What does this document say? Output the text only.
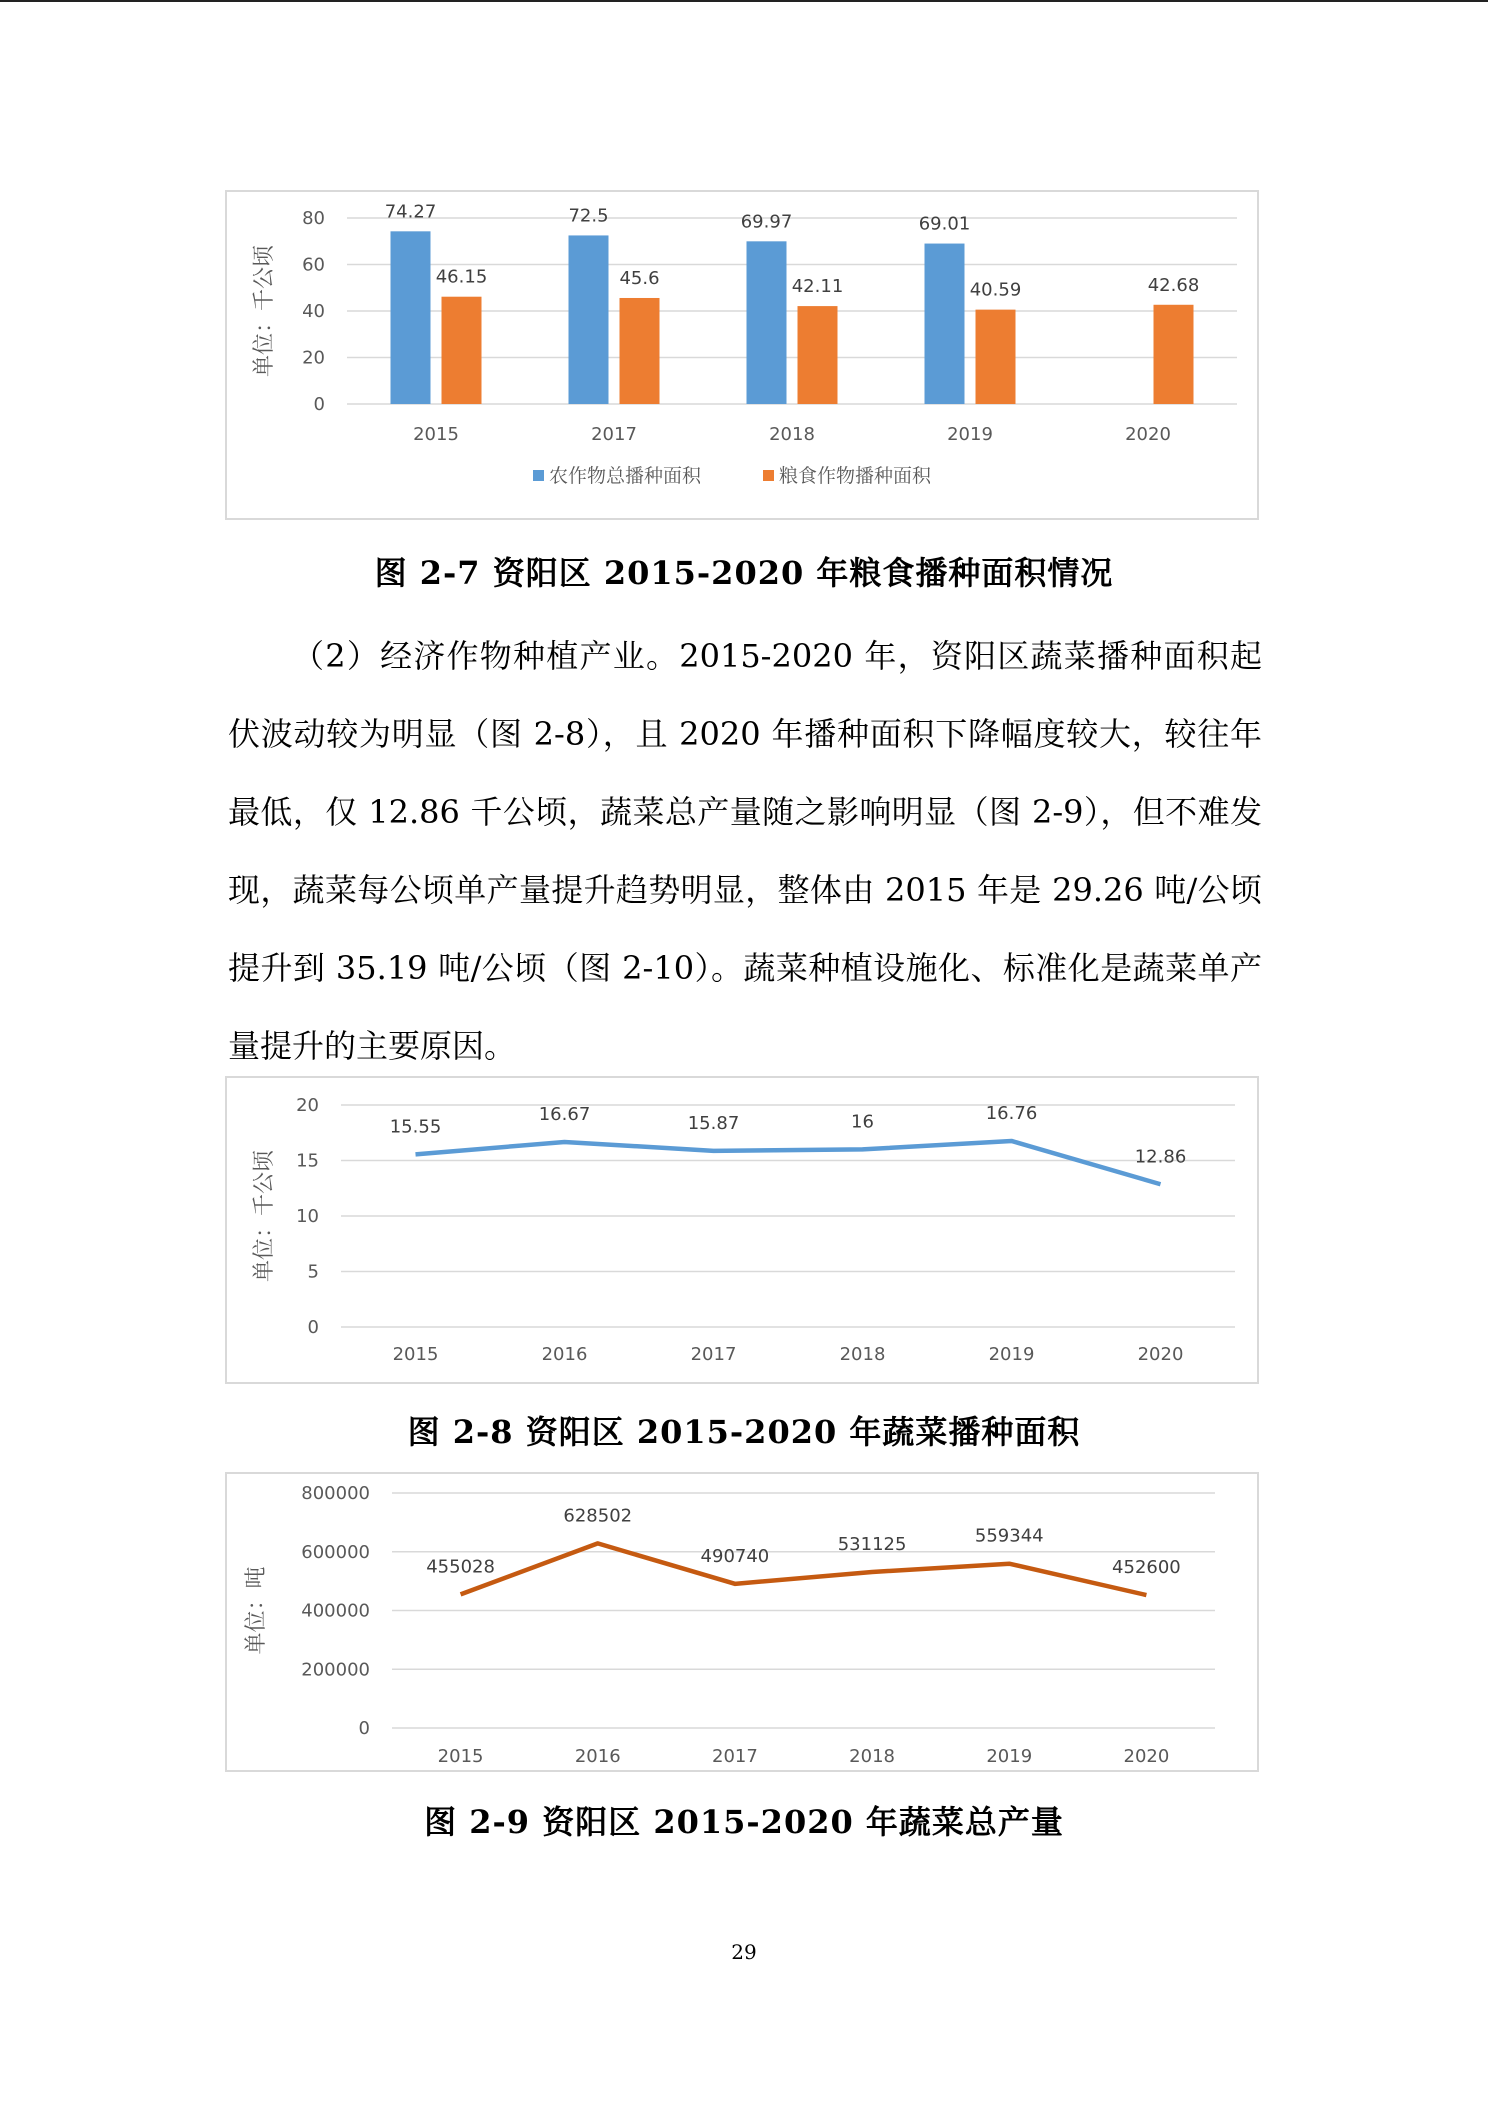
0
20
40
60
80
单位：千公顷
2015	2017	2018	2019	2020
74.27	72.5	69.97	69.01
46.15	45.6	42.11	40.59	42.68
农作物总播种面积	粮食作物播种面积
图 2-7 资阳区 2015-2020 年粮食播种面积情况
（2）经济作物种植产业。2015-2020 年，资阳区蔬菜播种面积起伏波动较为明显（图 2-8），且 2020 年播种面积下降幅度较大，较往年最低，仅 12.86 千公顷，蔬菜总产量随之影响明显（图 2-9），但不难发现，蔬菜每公顷单产量提升趋势明显，整体由 2015 年是 29.26 吨/公顷提升到 35.19 吨/公顷（图 2-10）。蔬菜种植设施化、标准化是蔬菜单产量提升的主要原因。
0
5
10
15
20
单位：千公顷
2015	2016	2017	2018	2019	2020
15.55
16.67	15.87	16	16.76
12.86
图 2-8 资阳区 2015-2020 年蔬菜播种面积
0
200000
400000
600000
800000
单位：吨
2015	2016	2017	2018	2019	2020
455028
628502
490740
531125	559344
452600
图 2-9 资阳区 2015-2020 年蔬菜总产量
29
